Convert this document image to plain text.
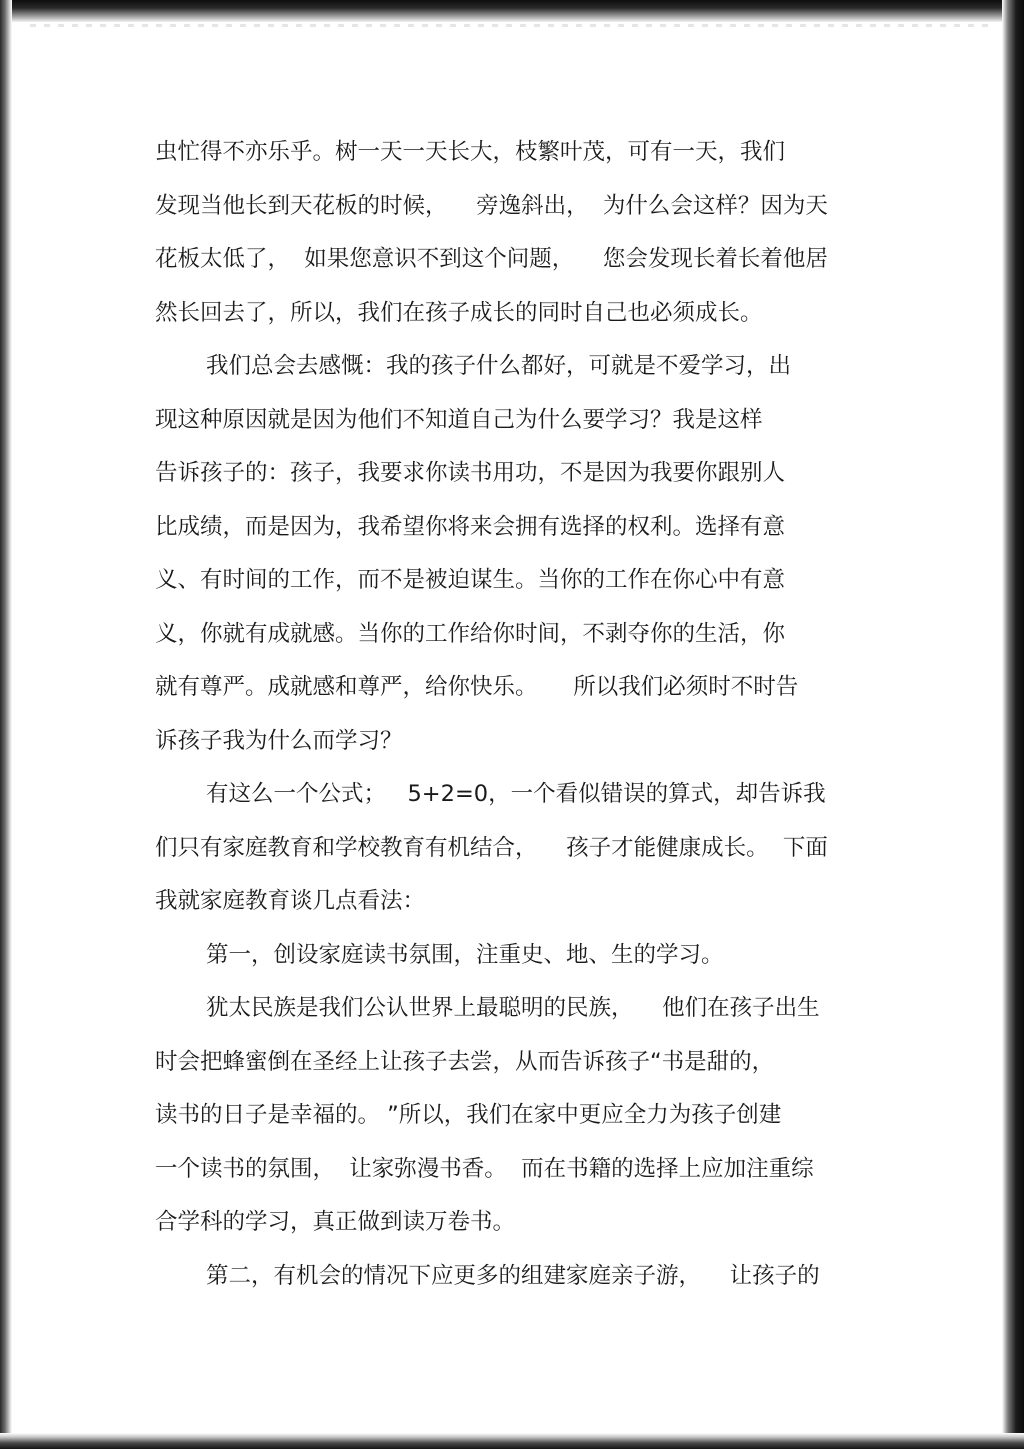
虫忙得不亦乐乎。树一天一天长大，枝繁叶茂，可有一天，我们
发现当他长到天花板的时候，    旁逸斜出，  为什么会这样？因为天
花板太低了，  如果您意识不到这个问题，    您会发现长着长着他居
然长回去了，所以，我们在孩子成长的同时自己也必须成长。
我们总会去感慨：我的孩子什么都好，可就是不爱学习，出
现这种原因就是因为他们不知道自己为什么要学习？我是这样
告诉孩子的：孩子，我要求你读书用功，不是因为我要你跟别人
比成绩，而是因为，我希望你将来会拥有选择的权利。选择有意
义、有时间的工作，而不是被迫谋生。当你的工作在你心中有意
义，你就有成就感。当你的工作给你时间，不剥夺你的生活，你
就有尊严。成就感和尊严，给你快乐。     所以我们必须时不时告
诉孩子我为什么而学习？
有这么一个公式；   5+2=0，一个看似错误的算式，却告诉我
们只有家庭教育和学校教育有机结合，    孩子才能健康成长。  下面
我就家庭教育谈几点看法：
第一，创设家庭读书氛围，注重史、地、生的学习。
犹太民族是我们公认世界上最聪明的民族，    他们在孩子出生
时会把蜂蜜倒在圣经上让孩子去尝，从而告诉孩子“书是甜的，
读书的日子是幸福的。 ”所以，我们在家中更应全力为孩子创建
一个读书的氛围，  让家弥漫书香。  而在书籍的选择上应加注重综
合学科的学习，真正做到读万卷书。
第二，有机会的情况下应更多的组建家庭亲子游，    让孩子的
